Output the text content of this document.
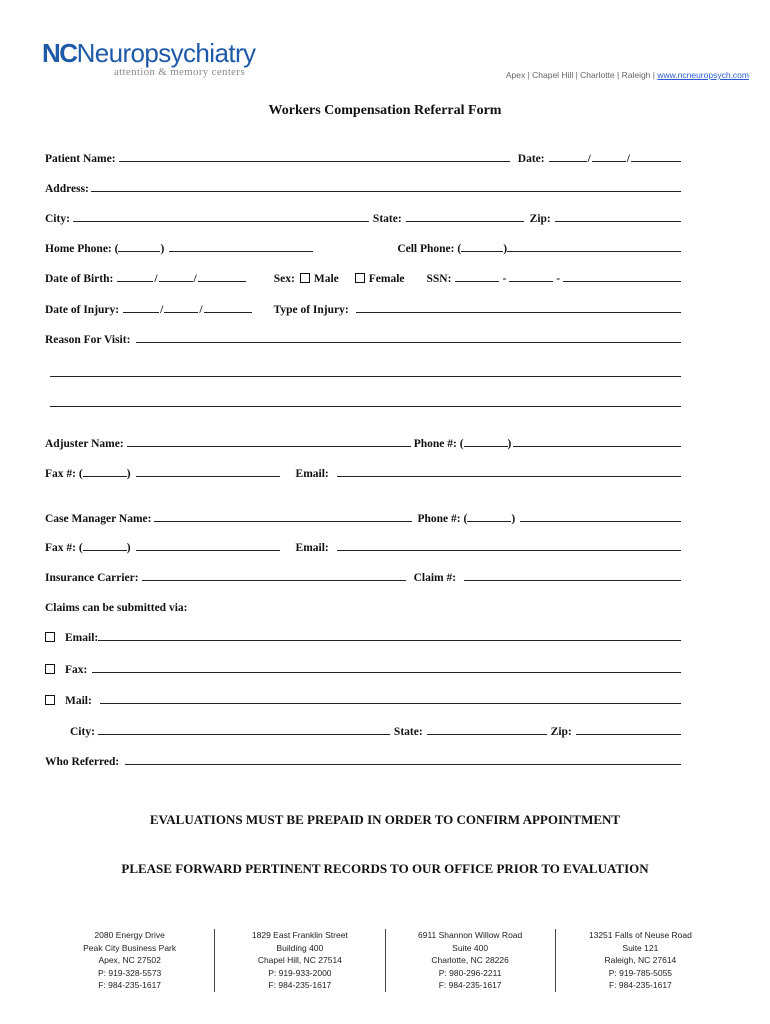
NCNeuropsychiatry
attention & memory centers	Apex | Chapel Hill | Charlotte | Raleigh | www.ncneuropsych.com
Workers Compensation Referral Form
Patient Name:	Date:	/	/
Address:
City:	State:	Zip:
Home Phone: (	)	Cell Phone: (	)
Date of Birth:	/	/	Sex: Male	Female SSN:	-	-
Date of Injury:	/	/	Type of Injury:
Reason For Visit:
Adjuster Name:	Phone #: (	)
Fax #: (	)	Email:
Case Manager Name:	Phone #: (	)
Fax #: (	)	Email:
Insurance Carrier:	Claim #:
Claims can be submitted via:
Email:
Fax:
Mail:
City:	State:	Zip:
Who Referred:
EVALUATIONS MUST BE PREPAID IN ORDER TO CONFIRM APPOINTMENT
PLEASE FORWARD PERTINENT RECORDS TO OUR OFFICE PRIOR TO EVALUATION
2080 Energy Drive
Peak City Business Park
Apex, NC 27502
P: 919-328-5573
F: 984-235-1617
1829 East Franklin Street
Building 400
Chapel Hill, NC 27514
P: 919-933-2000
F: 984-235-1617
6911 Shannon Willow Road
Suite 400
Charlotte, NC 28226
P: 980-296-2211
F: 984-235-1617
13251 Falls of Neuse Road
Suite 121
Raleigh, NC 27614
P: 919-785-5055
F: 984-235-1617
